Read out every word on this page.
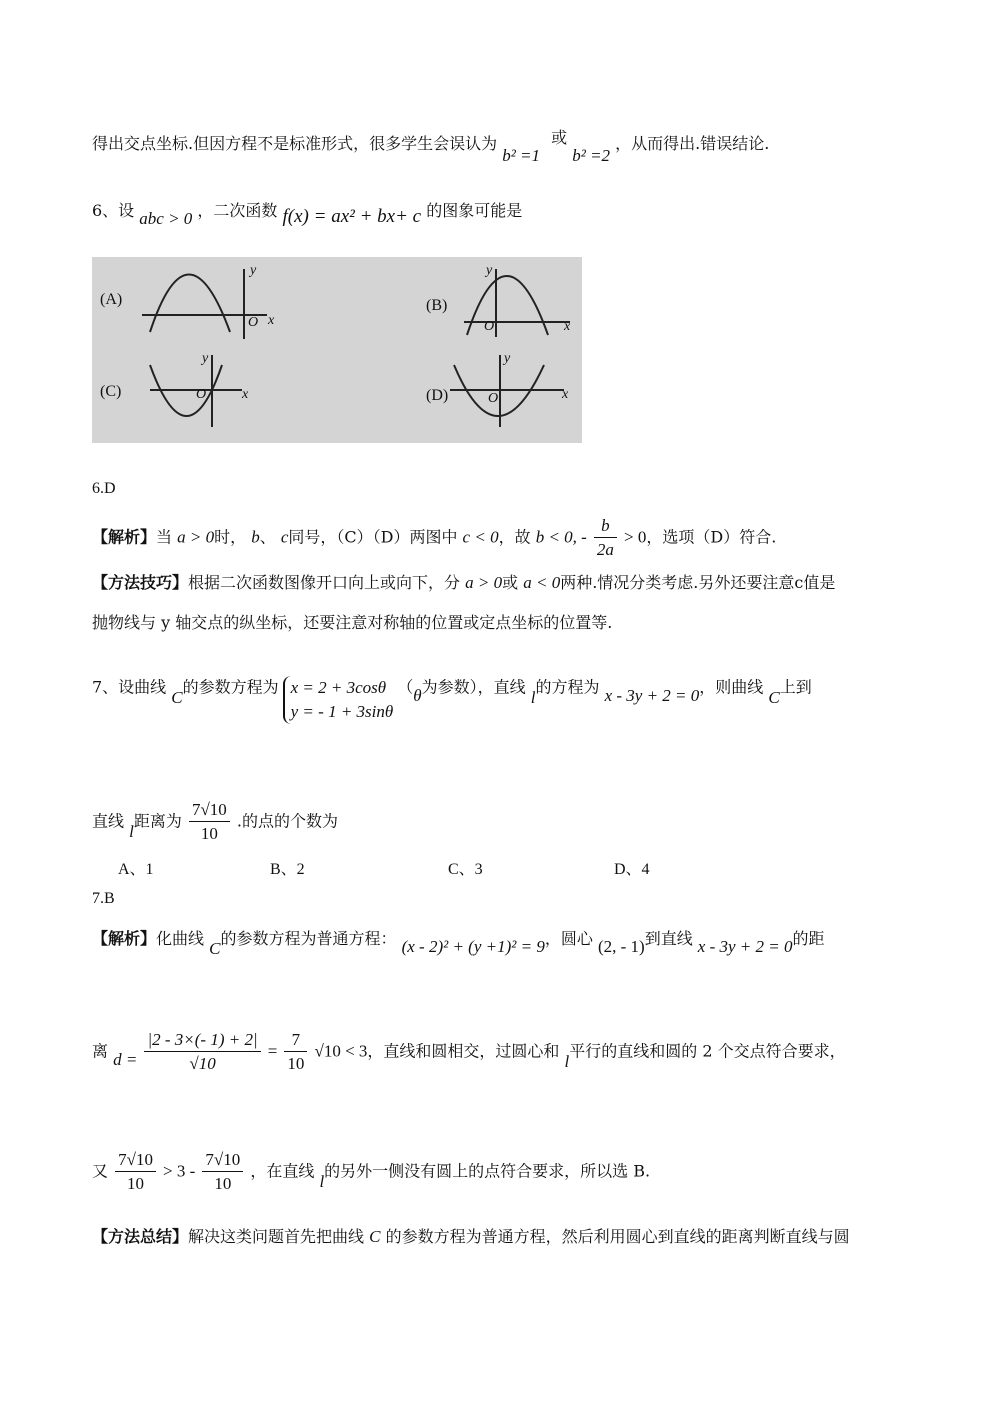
得出交点坐标.但因方程不是标准形式，很多学生会误认为 b² =1 或 b² =2 ，从而得出.错误结论.
6、设 abc > 0 ，二次函数 f(x) = ax² + bx+ c 的图象可能是
(A)	(B)
(C)	(D)
O x
y
O	x
y
O	x
y
O	x
y
6.D
【解析】当 a > 0时， b、 c同号，（C）（D）两图中 c < 0，故 b < 0, - $\frac{b}{2a} > 0$，选项（D）符合.
【方法技巧】根据二次函数图像开口向上或向下，分 a > 0或 a < 0两种.情况分类考虑.另外还要注意c值是
抛物线与 y 轴交点的纵坐标，还要注意对称轴的位置或定点坐标的位置等.
7、设曲线 C的参数方程为 x = 2 + 3cosθ
y = - 1 + 3sinθ
（θ为参数），直线 l的方程为 x - 3y + 2 = 0，则曲线 C上到
直线 l距离为 $\frac{7√10}{10}$ .的点的个数为
A、1	B、2	C、3	D、4
7.B
【解析】化曲线 C的参数方程为普通方程： (x - 2)² + (y +1)² = 9，圆心 (2, - 1)到直线 x - 3y + 2 = 0的距
离 $d = \frac{|2 - 3\times(- 1) + 2|}{√10} = \frac{7}{10} √10 < 3$，直线和圆相交，过圆心和 l平行的直线和圆的 2 个交点符合要求，
又 $\frac{7√10}{10} > 3 - \frac{7√10}{10}$ ，在直线 l的另外一侧没有圆上的点符合要求，所以选 B.
【方法总结】解决这类问题首先把曲线 C 的参数方程为普通方程，然后利用圆心到直线的距离判断直线与圆
